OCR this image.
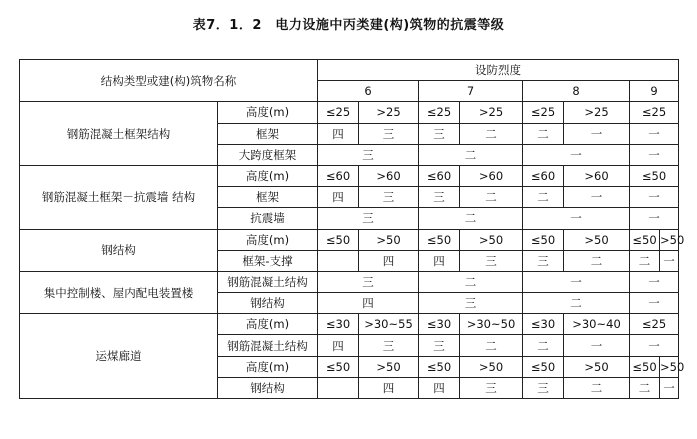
表7．1．2　电力设施中丙类建(构)筑物的抗震等级
结构类型或建(构)筑物名称		设防烈度							
		6		7		8		9	
钢筋混凝土框架结构	高度(m)	≤25	>25	≤25	>25	≤25	>25	≤25	
	框架	四	三	三	二	二	一	一	
	大跨度框架	三		二		一		一	
钢筋混凝土框架－抗震墙 结构	高度(m)	≤60	>60	≤60	>60	≤60	>60	≤50	
	框架	四	三	三	二	二	一	一	
	抗震墙	三		二		一		一	
钢结构	高度(m)	≤50	>50	≤50	>50	≤50	>50	≤50	>50
	框架-支撑		四	四	三	三	二	二	一
集中控制楼、屋内配电装置楼	钢筋混凝土结构	三		二		一		一	
	钢结构	四		三		二		一	
运煤廊道	高度(m)	≤30	>30~55	≤30	>30~50	≤30	>30~40	≤25	
	钢筋混凝土结构	四	三	三	二	二	一	一	
	高度(m)	≤50	>50	≤50	>50	≤50	>50	≤50	>50
	钢结构		四	四	三	三	二	二	一
